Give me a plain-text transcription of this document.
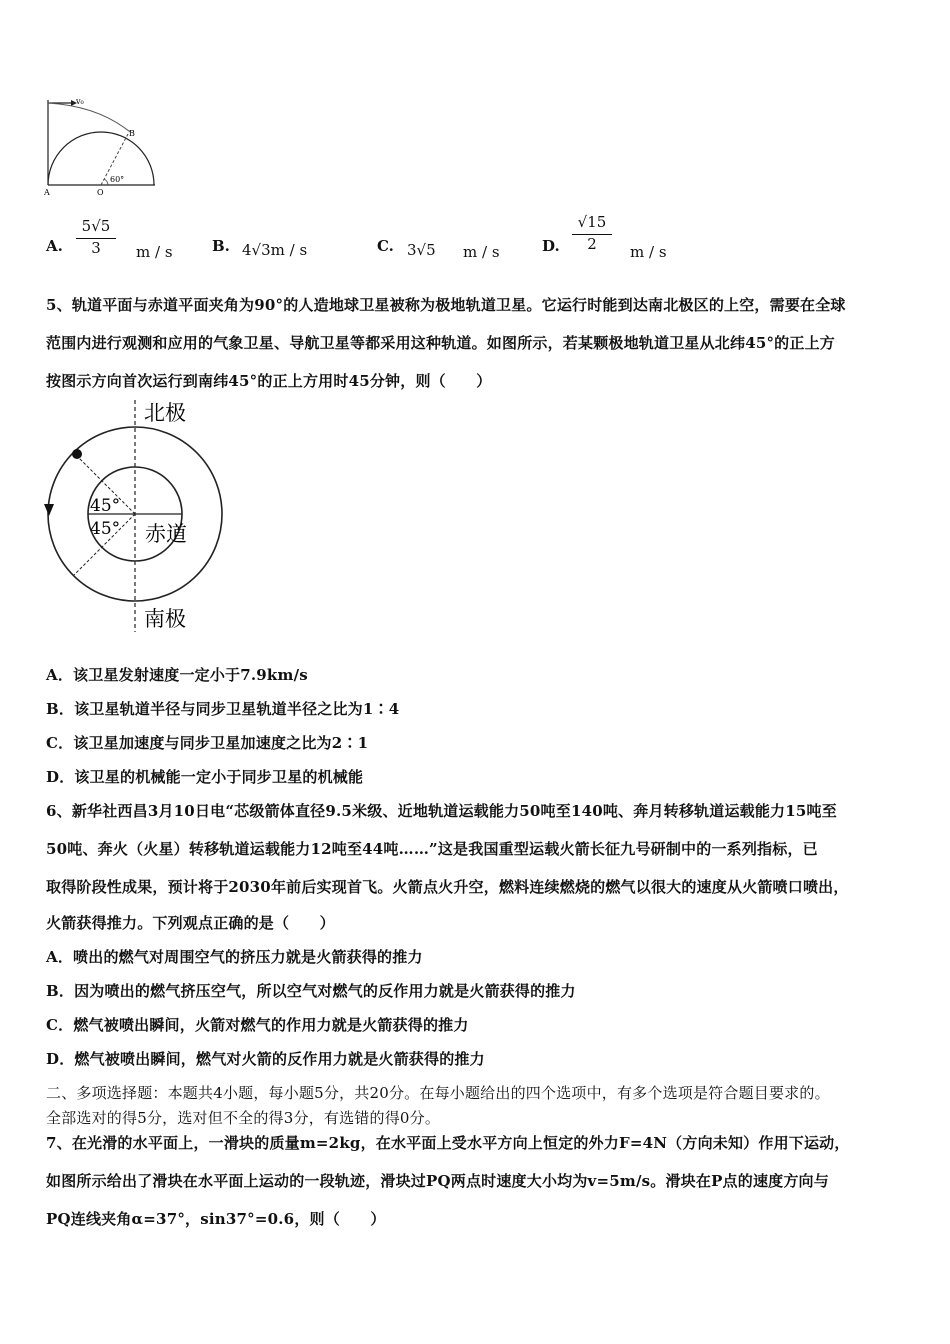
v₀
B
A	O
60°
A.
5√5
3	m / s	B. 4√3m / s	C. 3√5 m / s	D.
√15
2	m / s
5、轨道平面与赤道平面夹角为90°的人造地球卫星被称为极地轨道卫星。它运行时能到达南北极区的上空，需要在全球
范围内进行观测和应用的气象卫星、导航卫星等都采用这种轨道。如图所示，若某颗极地轨道卫星从北纬45°的正上方
按图示方向首次运行到南纬45°的正上方用时45分钟，则（　　）
北极
南极
赤道
45°
45°
A．该卫星发射速度一定小于7.9km/s
B．该卫星轨道半径与同步卫星轨道半径之比为1∶4
C．该卫星加速度与同步卫星加速度之比为2∶1
D．该卫星的机械能一定小于同步卫星的机械能
6、新华社西昌3月10日电“芯级箭体直径9.5米级、近地轨道运载能力50吨至140吨、奔月转移轨道运载能力15吨至
50吨、奔火（火星）转移轨道运载能力12吨至44吨……”这是我国重型运载火箭长征九号研制中的一系列指标，已
取得阶段性成果，预计将于2030年前后实现首飞。火箭点火升空，燃料连续燃烧的燃气以很大的速度从火箭喷口喷出，
火箭获得推力。下列观点正确的是（　　）
A．喷出的燃气对周围空气的挤压力就是火箭获得的推力
B．因为喷出的燃气挤压空气，所以空气对燃气的反作用力就是火箭获得的推力
C．燃气被喷出瞬间，火箭对燃气的作用力就是火箭获得的推力
D．燃气被喷出瞬间，燃气对火箭的反作用力就是火箭获得的推力
二、多项选择题：本题共4小题，每小题5分，共20分。在每小题给出的四个选项中，有多个选项是符合题目要求的。
全部选对的得5分，选对但不全的得3分，有选错的得0分。
7、在光滑的水平面上，一滑块的质量m=2kg，在水平面上受水平方向上恒定的外力F=4N（方向未知）作用下运动，
如图所示给出了滑块在水平面上运动的一段轨迹，滑块过PQ两点时速度大小均为v=5m/s。滑块在P点的速度方向与
PQ连线夹角α=37°，sin37°=0.6，则（　　）
